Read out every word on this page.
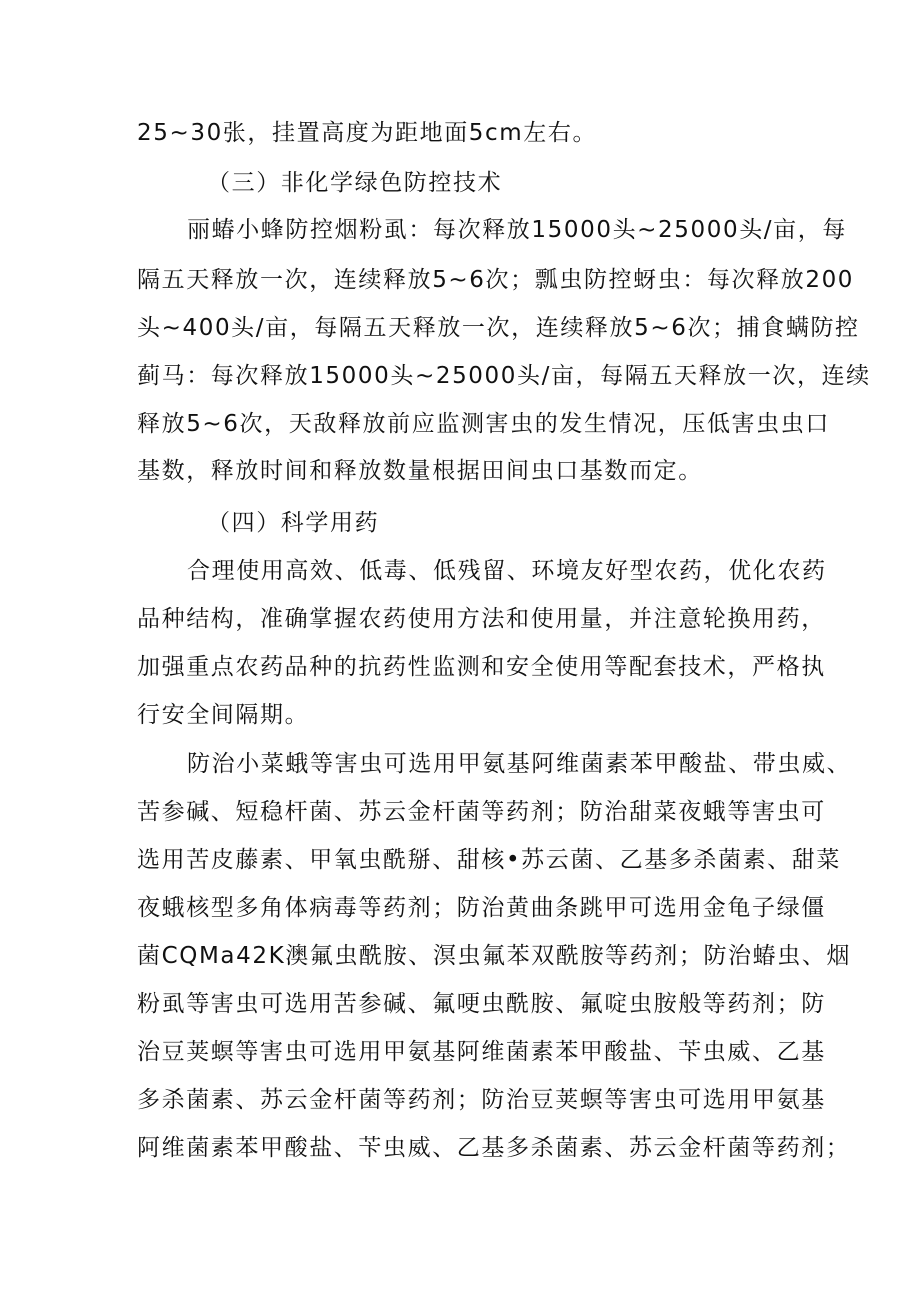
25~30张，挂置高度为距地面5cm左右。
（三）非化学绿色防控技术
丽蝽小蜂防控烟粉虱：每次释放15000头~25000头/亩，每
隔五天释放一次，连续释放5~6次；瓢虫防控蚜虫：每次释放200
头~400头/亩，每隔五天释放一次，连续释放5~6次；捕食螨防控
蓟马：每次释放15000头~25000头/亩，每隔五天释放一次，连续
释放5~6次，天敌释放前应监测害虫的发生情况，压低害虫虫口
基数，释放时间和释放数量根据田间虫口基数而定。
（四）科学用药
合理使用高效、低毒、低残留、环境友好型农药，优化农药
品种结构，准确掌握农药使用方法和使用量，并注意轮换用药，
加强重点农药品种的抗药性监测和安全使用等配套技术，严格执
行安全间隔期。
防治小菜蛾等害虫可选用甲氨基阿维菌素苯甲酸盐、带虫威、
苦参碱、短稳杆菌、苏云金杆菌等药剂；防治甜菜夜蛾等害虫可
选用苦皮藤素、甲氧虫酰掰、甜核•苏云菌、乙基多杀菌素、甜菜
夜蛾核型多角体病毒等药剂；防治黄曲条跳甲可选用金龟子绿僵
菌CQMa42K澳氟虫酰胺、溟虫氟苯双酰胺等药剂；防治蝽虫、烟
粉虱等害虫可选用苦参碱、氟哽虫酰胺、氟啶虫胺般等药剂；防
治豆荚螟等害虫可选用甲氨基阿维菌素苯甲酸盐、苄虫威、乙基
多杀菌素、苏云金杆菌等药剂；防治豆荚螟等害虫可选用甲氨基
阿维菌素苯甲酸盐、苄虫威、乙基多杀菌素、苏云金杆菌等药剂；
